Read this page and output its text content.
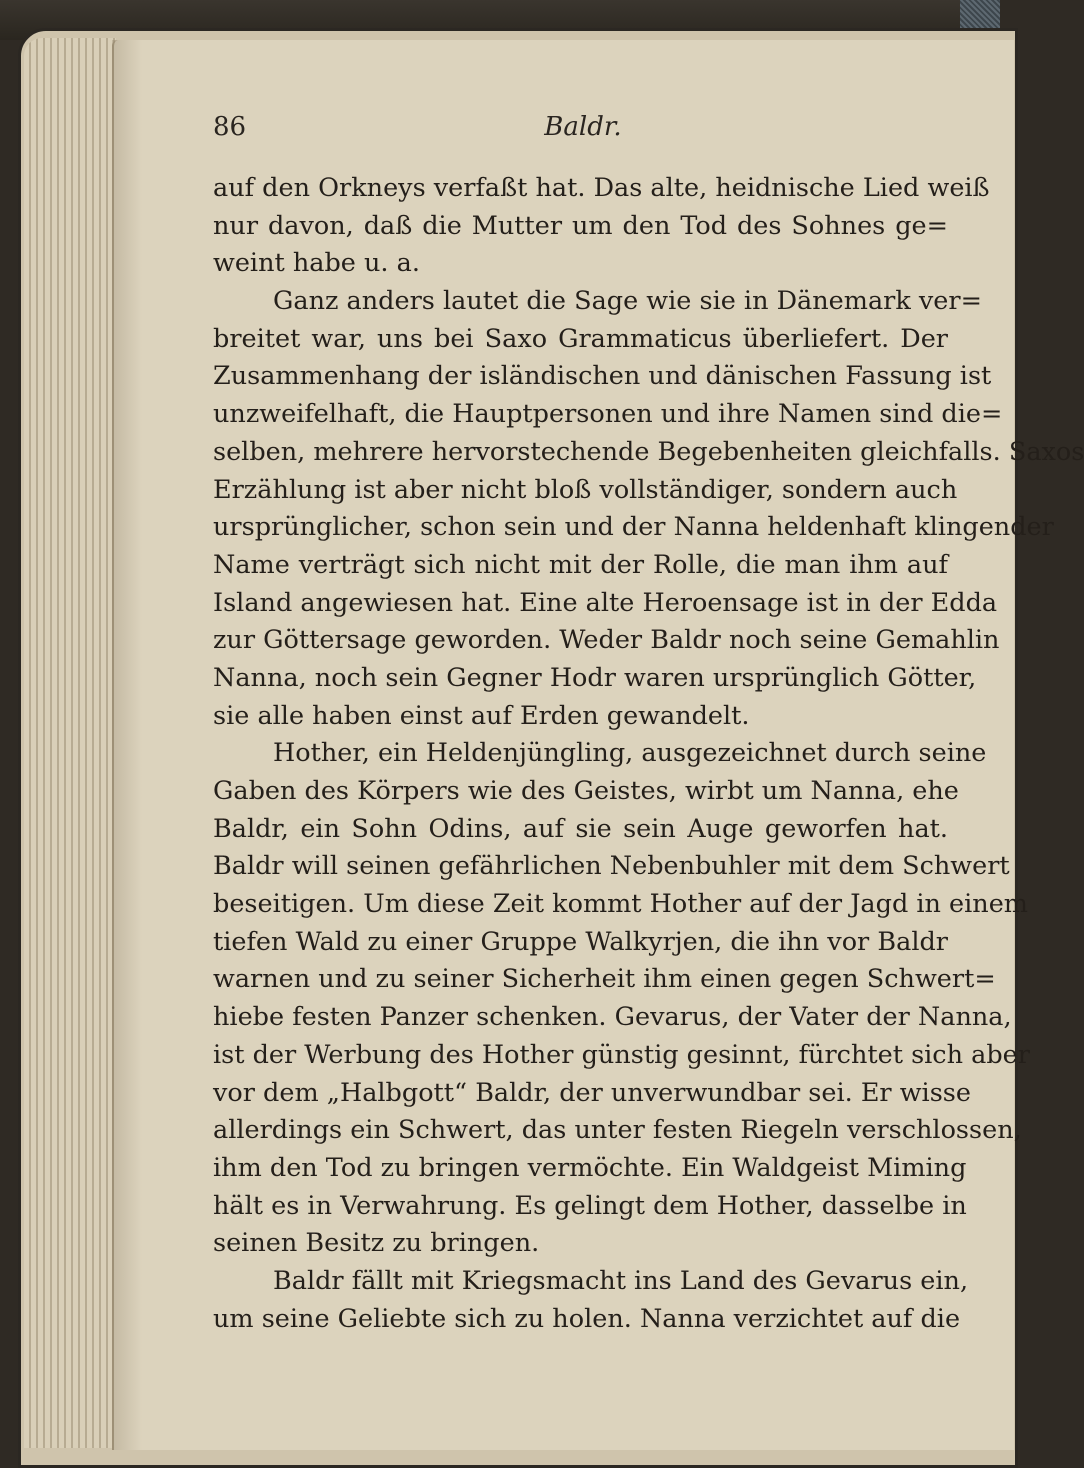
86	Baldr.
auf den Orkneys verfaßt hat. Das alte, heidnische Lied weiß
nur davon, daß die Mutter um den Tod des Sohnes ge=
weint habe u. a.
Ganz anders lautet die Sage wie sie in Dänemark ver=
breitet war, uns bei Saxo Grammaticus überliefert. Der
Zusammenhang der isländischen und dänischen Fassung ist
unzweifelhaft, die Hauptpersonen und ihre Namen sind die=
selben, mehrere hervorstechende Begebenheiten gleichfalls. Saxos
Erzählung ist aber nicht bloß vollständiger, sondern auch
ursprünglicher, schon sein und der Nanna heldenhaft klingender
Name verträgt sich nicht mit der Rolle, die man ihm auf
Island angewiesen hat. Eine alte Heroensage ist in der Edda
zur Göttersage geworden. Weder Baldr noch seine Gemahlin
Nanna, noch sein Gegner Hodr waren ursprünglich Götter,
sie alle haben einst auf Erden gewandelt.
Hother, ein Heldenjüngling, ausgezeichnet durch seine
Gaben des Körpers wie des Geistes, wirbt um Nanna, ehe
Baldr, ein Sohn Odins, auf sie sein Auge geworfen hat.
Baldr will seinen gefährlichen Nebenbuhler mit dem Schwert
beseitigen. Um diese Zeit kommt Hother auf der Jagd in einem
tiefen Wald zu einer Gruppe Walkyrjen, die ihn vor Baldr
warnen und zu seiner Sicherheit ihm einen gegen Schwert=
hiebe festen Panzer schenken. Gevarus, der Vater der Nanna,
ist der Werbung des Hother günstig gesinnt, fürchtet sich aber
vor dem „Halbgott“ Baldr, der unverwundbar sei. Er wisse
allerdings ein Schwert, das unter festen Riegeln verschlossen,
ihm den Tod zu bringen vermöchte. Ein Waldgeist Miming
hält es in Verwahrung. Es gelingt dem Hother, dasselbe in
seinen Besitz zu bringen.
Baldr fällt mit Kriegsmacht ins Land des Gevarus ein,
um seine Geliebte sich zu holen. Nanna verzichtet auf die
